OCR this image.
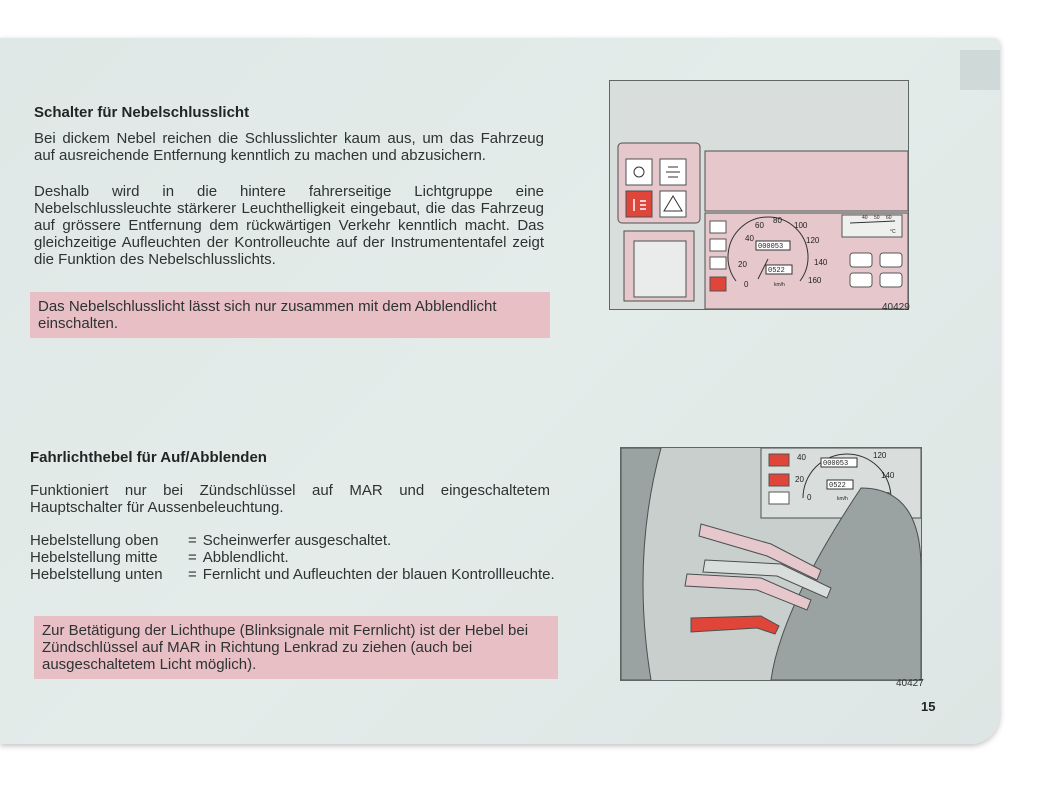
Schalter für Nebelschlusslicht

Bei dickem Nebel reichen die Schlusslichter kaum aus, um das Fahrzeug auf ausreichende Entfernung kenntlich zu machen und abzusichern.

Deshalb wird in die hintere fahrerseitige Lichtgruppe eine Nebelschlussleuchte stärkerer Leuchthelligkeit eingebaut, die das Fahrzeug auf grössere Entfernung dem rückwärtigen Verkehr kenntlich macht. Das gleichzeitige Aufleuchten der Kontrolleuchte auf der Instrumententafel zeigt die Funktion des Nebelschlusslichts.

Das Nebelschlusslicht lässt sich nur zusammen mit dem Abblendlicht einschalten.
40
20
0
60
80
100
120
140
160
000053
0522
km/h
40 50 60
°C
40429
Fahrlichthebel für Auf/Abblenden

Funktioniert nur bei Zündschlüssel auf MAR und eingeschaltetem Hauptschalter für Aussenbeleuchtung.

Hebelstellung oben	=	Scheinwerfer ausgeschaltet.
Hebelstellung mitte	=	Abblendlicht.
Hebelstellung unten	=	Fernlicht und Aufleuchten der blauen Kontrollleuchte.
Zur Betätigung der Lichthupe (Blinksignale mit Fernlicht) ist der Hebel bei Zündschlüssel auf MAR in Richtung Lenkrad zu ziehen (auch bei ausgeschaltetem Licht möglich).
40
20
0
120
140
000053
0522
km/h
40427
15
